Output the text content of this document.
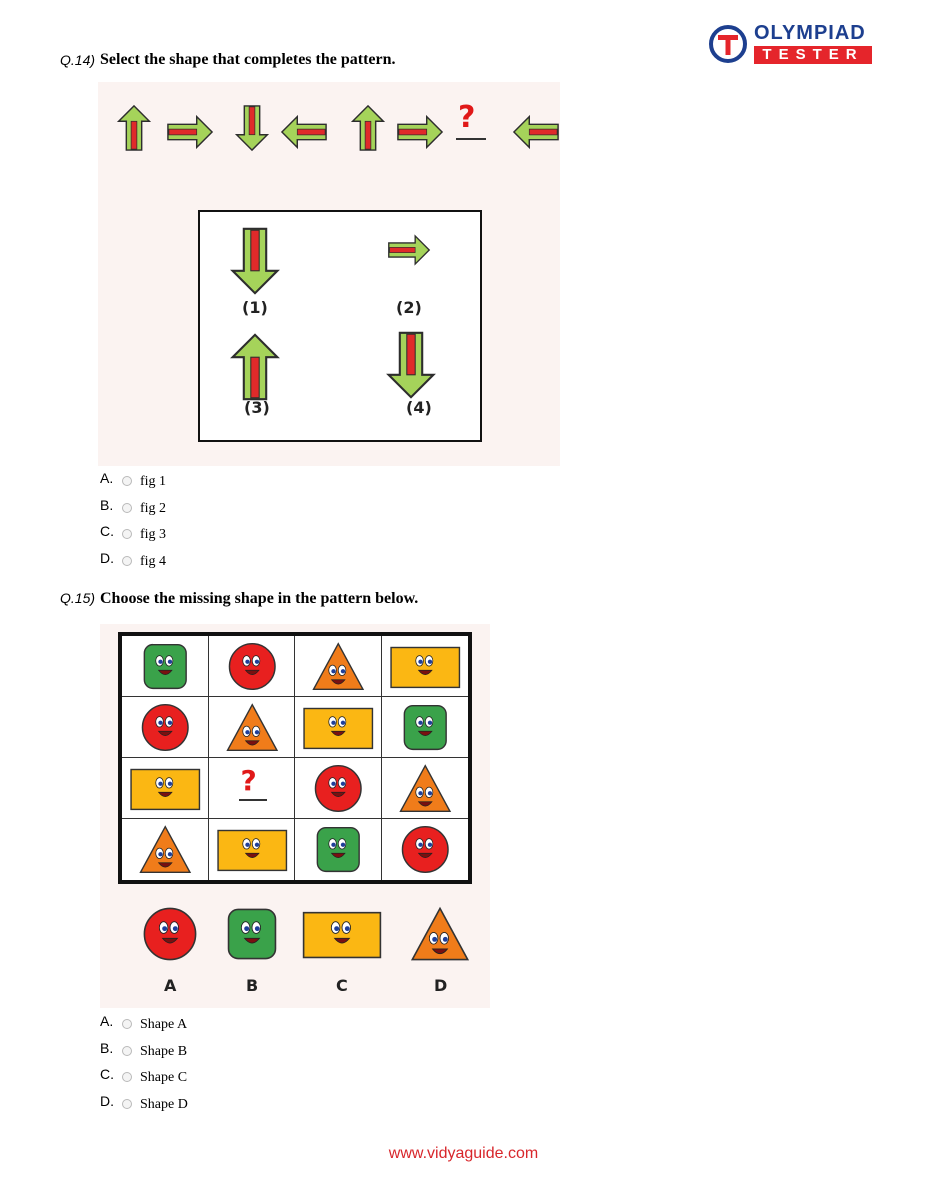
OLYMPIAD
TESTER
Q.14) Select the shape that completes the pattern.
?
(1)	(2)
(3)	(4)
A. fig 1
B. fig 2
C. fig 3
D. fig 4
Q.15) Choose the missing shape in the pattern below.
?
A	B	C	D
A. Shape A
B. Shape B
C. Shape C
D. Shape D
www.vidyaguide.com
